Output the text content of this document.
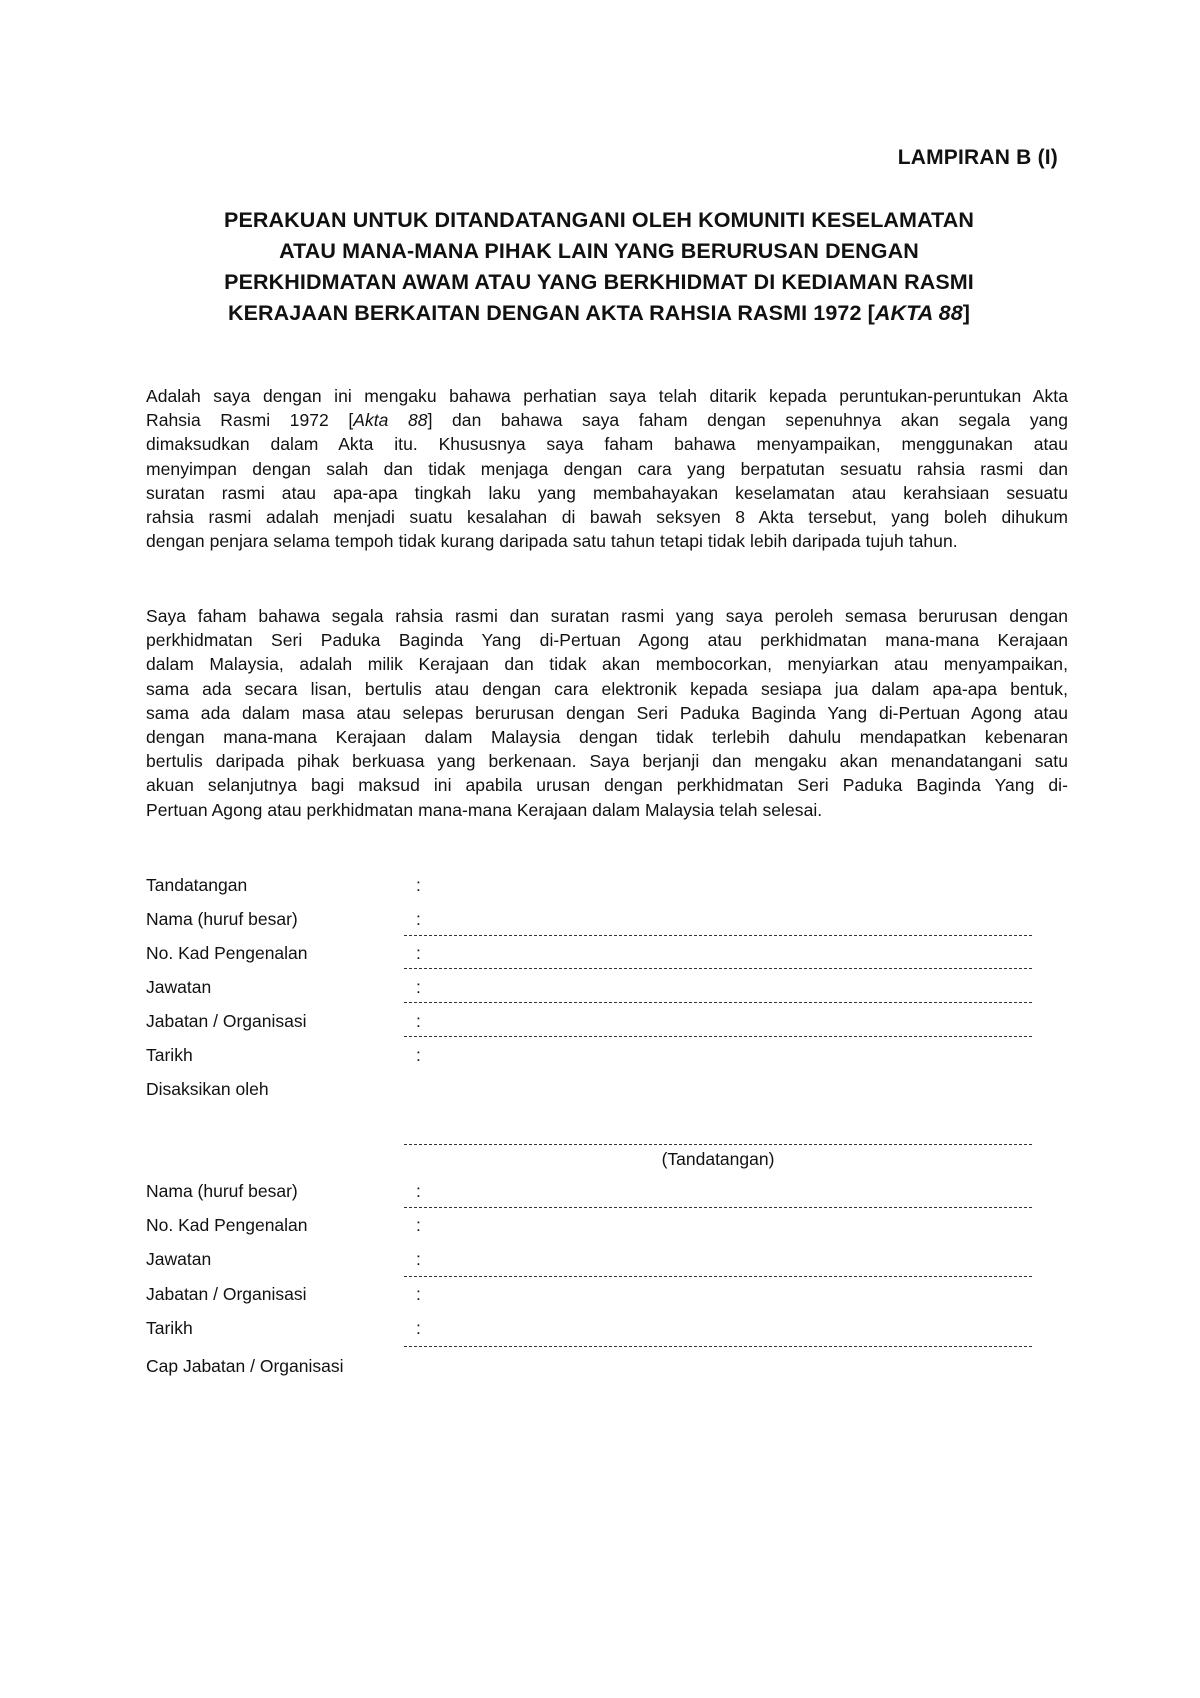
LAMPIRAN B (I)
PERAKUAN UNTUK DITANDATANGANI OLEH KOMUNITI KESELAMATAN
ATAU MANA-MANA PIHAK LAIN YANG BERURUSAN DENGAN
PERKHIDMATAN AWAM ATAU YANG BERKHIDMAT DI KEDIAMAN RASMI
KERAJAAN BERKAITAN DENGAN AKTA RAHSIA RASMI 1972 [AKTA 88]
Adalah saya dengan ini mengaku bahawa perhatian saya telah ditarik kepada peruntukan-peruntukan Akta
Rahsia Rasmi 1972 [Akta 88] dan bahawa saya faham dengan sepenuhnya akan segala yang
dimaksudkan dalam Akta itu. Khususnya saya faham bahawa menyampaikan, menggunakan atau
menyimpan dengan salah dan tidak menjaga dengan cara yang berpatutan sesuatu rahsia rasmi dan
suratan rasmi atau apa-apa tingkah laku yang membahayakan keselamatan atau kerahsiaan sesuatu
rahsia rasmi adalah menjadi suatu kesalahan di bawah seksyen 8 Akta tersebut, yang boleh dihukum
dengan penjara selama tempoh tidak kurang daripada satu tahun tetapi tidak lebih daripada tujuh tahun.
Saya faham bahawa segala rahsia rasmi dan suratan rasmi yang saya peroleh semasa berurusan dengan
perkhidmatan Seri Paduka Baginda Yang di-Pertuan Agong atau perkhidmatan mana-mana Kerajaan
dalam Malaysia, adalah milik Kerajaan dan tidak akan membocorkan, menyiarkan atau menyampaikan,
sama ada secara lisan, bertulis atau dengan cara elektronik kepada sesiapa jua dalam apa-apa bentuk,
sama ada dalam masa atau selepas berurusan dengan Seri Paduka Baginda Yang di-Pertuan Agong atau
dengan mana-mana Kerajaan dalam Malaysia dengan tidak terlebih dahulu mendapatkan kebenaran
bertulis daripada pihak berkuasa yang berkenaan. Saya berjanji dan mengaku akan menandatangani satu
akuan selanjutnya bagi maksud ini apabila urusan dengan perkhidmatan Seri Paduka Baginda Yang di-
Pertuan Agong atau perkhidmatan mana-mana Kerajaan dalam Malaysia telah selesai.
Tandatangan	:
Nama (huruf besar)	:
No. Kad Pengenalan	:
Jawatan	:
Jabatan / Organisasi	:
Tarikh	:
Disaksikan oleh
(Tandatangan)
Nama (huruf besar)	:
No. Kad Pengenalan	:
Jawatan	:
Jabatan / Organisasi	:
Tarikh	:
Cap Jabatan / Organisasi
